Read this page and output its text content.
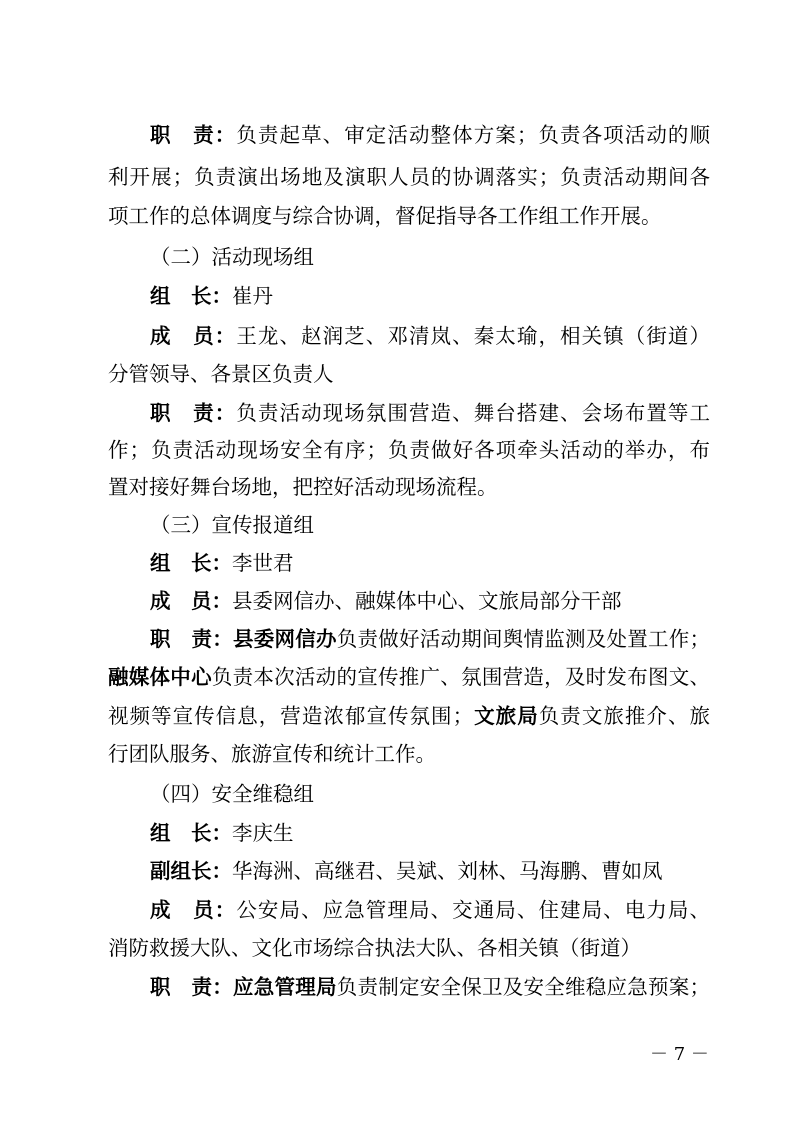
职　责：负责起草、审定活动整体方案；负责各项活动的顺
利开展；负责演出场地及演职人员的协调落实；负责活动期间各
项工作的总体调度与综合协调，督促指导各工作组工作开展。
（二）活动现场组
组　长：崔丹
成　员：王龙、赵润芝、邓清岚、秦太瑜，相关镇（街道）
分管领导、各景区负责人
职　责：负责活动现场氛围营造、舞台搭建、会场布置等工
作；负责活动现场安全有序；负责做好各项牵头活动的举办，布
置对接好舞台场地，把控好活动现场流程。
（三）宣传报道组
组　长：李世君
成　员：县委网信办、融媒体中心、文旅局部分干部
职　责：县委网信办负责做好活动期间舆情监测及处置工作；
融媒体中心负责本次活动的宣传推广、氛围营造，及时发布图文、
视频等宣传信息，营造浓郁宣传氛围；文旅局负责文旅推介、旅
行团队服务、旅游宣传和统计工作。
（四）安全维稳组
组　长：李庆生
副组长：华海洲、高继君、吴斌、刘林、马海鹏、曹如凤
成　员：公安局、应急管理局、交通局、住建局、电力局、
消防救援大队、文化市场综合执法大队、各相关镇（街道）
职　责：应急管理局负责制定安全保卫及安全维稳应急预案；
－ 7 －
